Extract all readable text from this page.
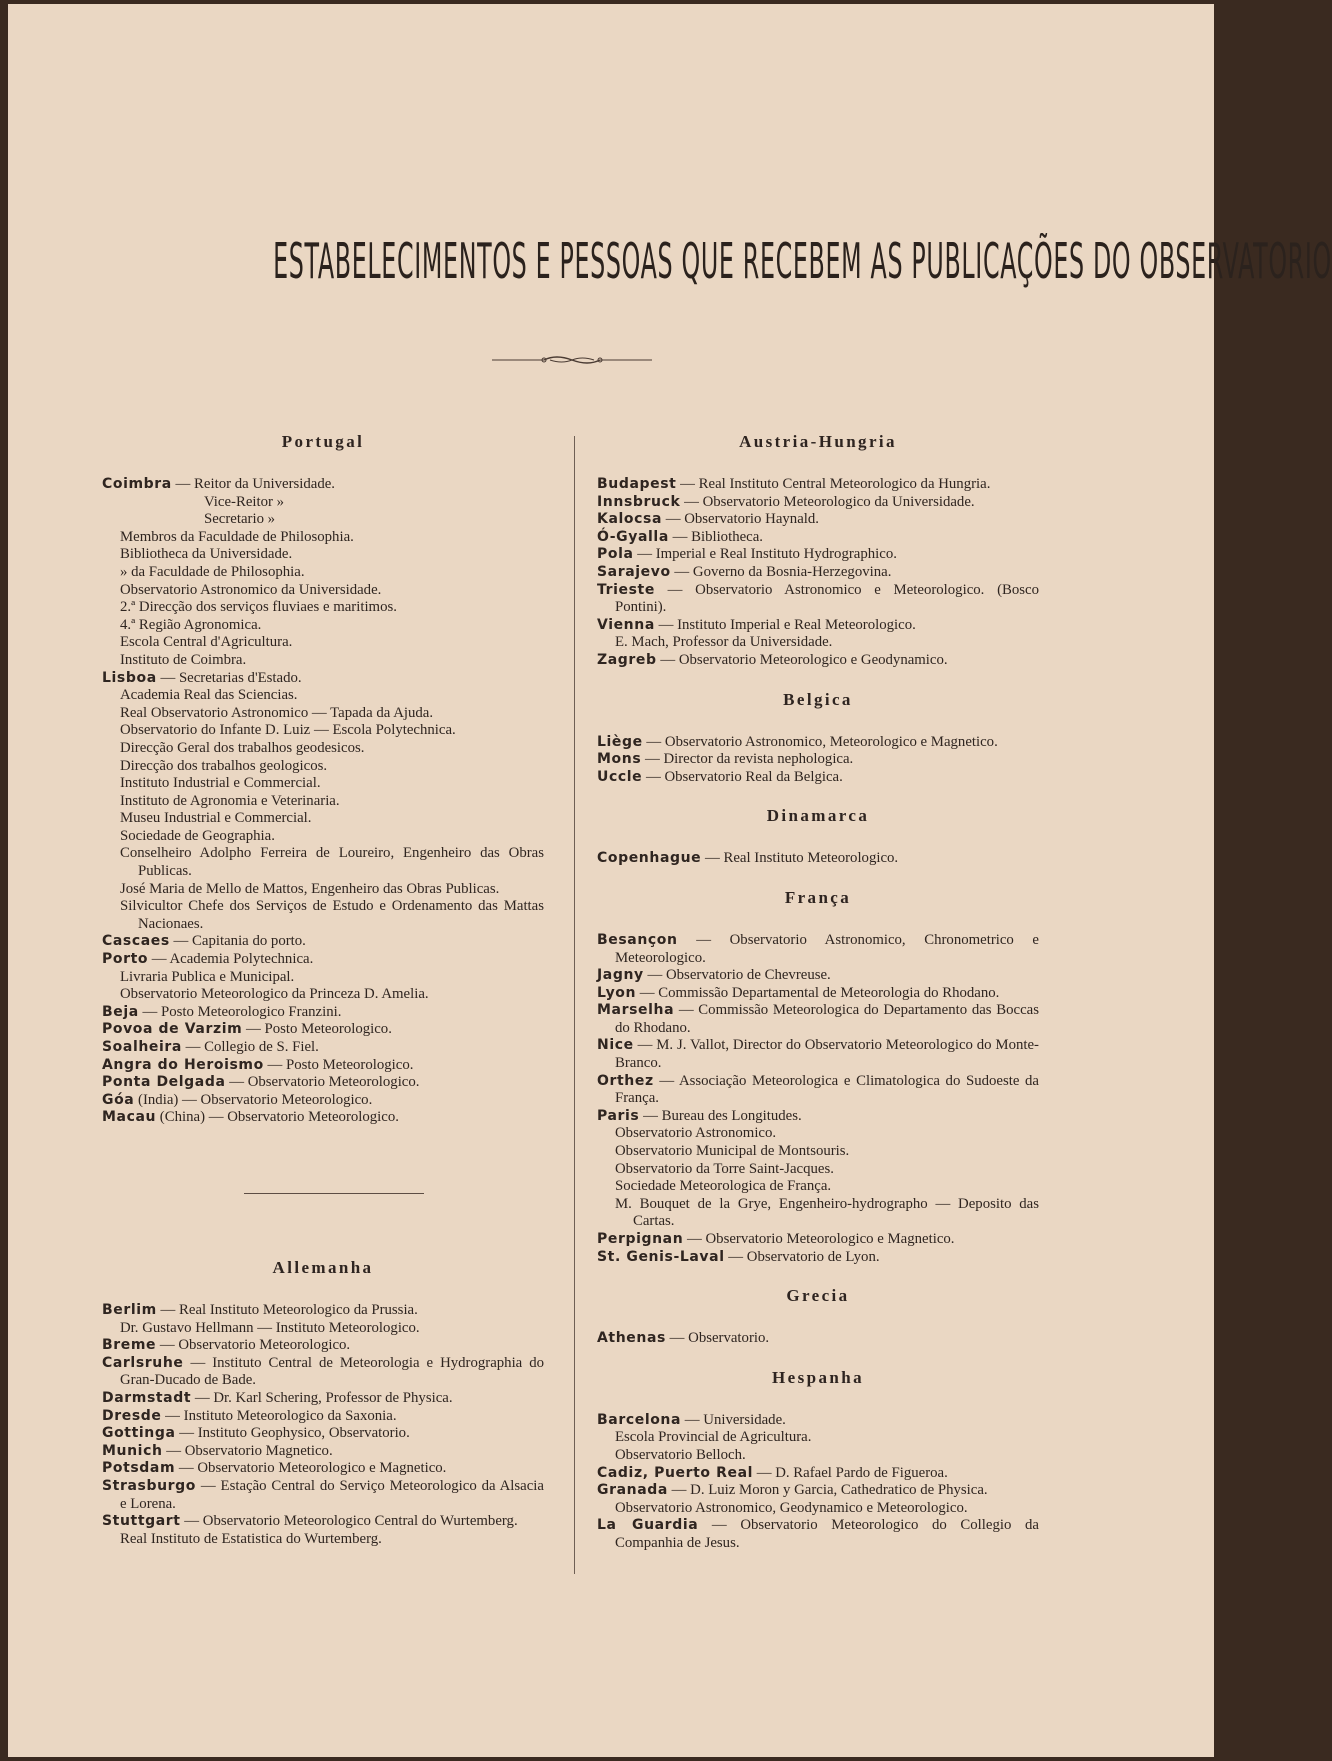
ESTABELECIMENTOS E PESSOAS QUE RECEBEM AS PUBLICAÇÕES DO OBSERVATORIO
Portugal
Coimbra — Reitor da Universidade.
Vice-Reitor »
Secretario »
Membros da Faculdade de Philosophia.
Bibliotheca da Universidade.
» da Faculdade de Philosophia.
Observatorio Astronomico da Universidade.
2.ª Direcção dos serviços fluviaes e maritimos.
4.ª Região Agronomica.
Escola Central d'Agricultura.
Instituto de Coimbra.
Lisboa — Secretarias d'Estado.
Academia Real das Sciencias.
Real Observatorio Astronomico — Tapada da Ajuda.
Observatorio do Infante D. Luiz — Escola Polytechnica.
Direcção Geral dos trabalhos geodesicos.
Direcção dos trabalhos geologicos.
Instituto Industrial e Commercial.
Instituto de Agronomia e Veterinaria.
Museu Industrial e Commercial.
Sociedade de Geographia.
Conselheiro Adolpho Ferreira de Loureiro, Engenheiro das Obras Publicas.
José Maria de Mello de Mattos, Engenheiro das Obras Publicas.
Silvicultor Chefe dos Serviços de Estudo e Ordenamento das Mattas Nacionaes.
Cascaes — Capitania do porto.
Porto — Academia Polytechnica.
Livraria Publica e Municipal.
Observatorio Meteorologico da Princeza D. Amelia.
Beja — Posto Meteorologico Franzini.
Povoa de Varzim — Posto Meteorologico.
Soalheira — Collegio de S. Fiel.
Angra do Heroismo — Posto Meteorologico.
Ponta Delgada — Observatorio Meteorologico.
Góa (India) — Observatorio Meteorologico.
Macau (China) — Observatorio Meteorologico.
Allemanha
Berlim — Real Instituto Meteorologico da Prussia.
Dr. Gustavo Hellmann — Instituto Meteorologico.
Breme — Observatorio Meteorologico.
Carlsruhe — Instituto Central de Meteorologia e Hydrographia do Gran-Ducado de Bade.
Darmstadt — Dr. Karl Schering, Professor de Physica.
Dresde — Instituto Meteorologico da Saxonia.
Gottinga — Instituto Geophysico, Observatorio.
Munich — Observatorio Magnetico.
Potsdam — Observatorio Meteorologico e Magnetico.
Strasburgo — Estação Central do Serviço Meteorologico da Alsacia e Lorena.
Stuttgart — Observatorio Meteorologico Central do Wurtemberg.
Real Instituto de Estatistica do Wurtemberg.
Austria-Hungria
Budapest — Real Instituto Central Meteorologico da Hungria.
Innsbruck — Observatorio Meteorologico da Universidade.
Kalocsa — Observatorio Haynald.
Ó-Gyalla — Bibliotheca.
Pola — Imperial e Real Instituto Hydrographico.
Sarajevo — Governo da Bosnia-Herzegovina.
Trieste — Observatorio Astronomico e Meteorologico. (Bosco Pontini).
Vienna — Instituto Imperial e Real Meteorologico.
E. Mach, Professor da Universidade.
Zagreb — Observatorio Meteorologico e Geodynamico.
Belgica
Liège — Observatorio Astronomico, Meteorologico e Magnetico.
Mons — Director da revista nephologica.
Uccle — Observatorio Real da Belgica.
Dinamarca
Copenhague — Real Instituto Meteorologico.
França
Besançon — Observatorio Astronomico, Chronometrico e Meteorologico.
Jagny — Observatorio de Chevreuse.
Lyon — Commissão Departamental de Meteorologia do Rhodano.
Marselha — Commissão Meteorologica do Departamento das Boccas do Rhodano.
Nice — M. J. Vallot, Director do Observatorio Meteorologico do Monte-Branco.
Orthez — Associação Meteorologica e Climatologica do Sudoeste da França.
Paris — Bureau des Longitudes.
Observatorio Astronomico.
Observatorio Municipal de Montsouris.
Observatorio da Torre Saint-Jacques.
Sociedade Meteorologica de França.
M. Bouquet de la Grye, Engenheiro-hydrographo — Deposito das Cartas.
Perpignan — Observatorio Meteorologico e Magnetico.
St. Genis-Laval — Observatorio de Lyon.
Grecia
Athenas — Observatorio.
Hespanha
Barcelona — Universidade.
Escola Provincial de Agricultura.
Observatorio Belloch.
Cadiz, Puerto Real — D. Rafael Pardo de Figueroa.
Granada — D. Luiz Moron y Garcia, Cathedratico de Physica.
Observatorio Astronomico, Geodynamico e Meteorologico.
La Guardia — Observatorio Meteorologico do Collegio da Companhia de Jesus.
